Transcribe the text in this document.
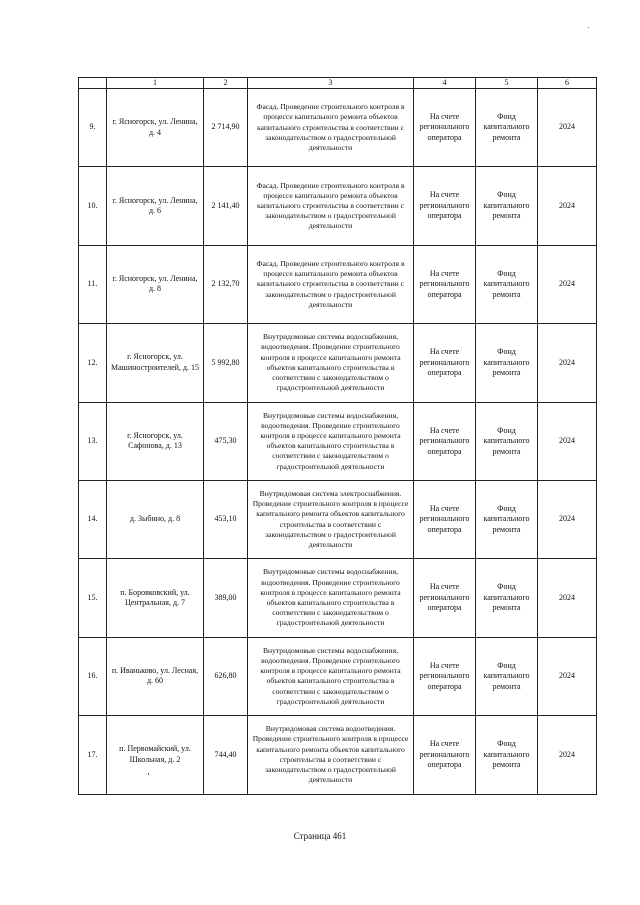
	1	2	3	4	5	6
9.	г. Ясногорск, ул. Ленина, д. 4	2 714,90	Фасад. Проведение строительного контроля в процессе капитального ремонта объектов капитального строительства в соответствии с законодательством о градостроительной деятельности	На счете регионального оператора	Фонд капитального ремонта	2024
10.	г. Ясногорск, ул. Ленина, д. 6	2 141,40	Фасад. Проведение строительного контроля в процессе капитального ремонта объектов капитального строительства в соответствии с законодательством о градостроительной деятельности	На счете регионального оператора	Фонд капитального ремонта	2024
11.	г. Ясногорск, ул. Ленина, д. 8	2 132,70	Фасад. Проведение строительного контроля в процессе капитального ремонта объектов капитального строительства в соответствии с законодательством о градостроительной деятельности	На счете регионального оператора	Фонд капитального ремонта	2024
12.	г. Ясногорск, ул. Машиностроителей, д. 15	5 992,80	Внутридомовые системы водоснабжения, водоотведения. Проведение строительного контроля в процессе капитального ремонта объектов капитального строительства в соответствии с законодательством о градостроительной деятельности	На счете регионального оператора	Фонд капитального ремонта	2024
13.	г. Ясногорск, ул. Сафонова, д. 13	475,30	Внутридомовые системы водоснабжения, водоотведения. Проведение строительного контроля в процессе капитального ремонта объектов капитального строительства в соответствии с законодательством о градостроительной деятельности	На счете регионального оператора	Фонд капитального ремонта	2024
14.	д. Зыбино, д. 8	453,10	Внутридомовая система электроснабжения. Проведение строительного контроля в процессе капитального ремонта объектов капитального строительства в соответствии с законодательством о градостроительной деятельности	На счете регионального оператора	Фонд капитального ремонта	2024
15.	п. Боровковский, ул. Центральная, д. 7	389,00	Внутридомовые системы водоснабжения, водоотведения. Проведение строительного контроля в процессе капитального ремонта объектов капитального строительства в соответствии с законодательством о градостроительной деятельности	На счете регионального оператора	Фонд капитального ремонта	2024
16.	п. Иваньково, ул. Лесная, д. 60	626,80	Внутридомовые системы водоснабжения, водоотведения. Проведение строительного контроля в процессе капитального ремонта объектов капитального строительства в соответствии с законодательством о градостроительной деятельности	На счете регионального оператора	Фонд капитального ремонта	2024
17.	п. Первомайский, ул. Школьная, д. 2	744,40	Внутридомовая система водоотведения. Проведение строительного контроля в процессе капитального ремонта объектов капитального строительства в соответствии с законодательством о градостроительной деятельности	На счете регионального оператора	Фонд капитального ремонта	2024
Страница 461
